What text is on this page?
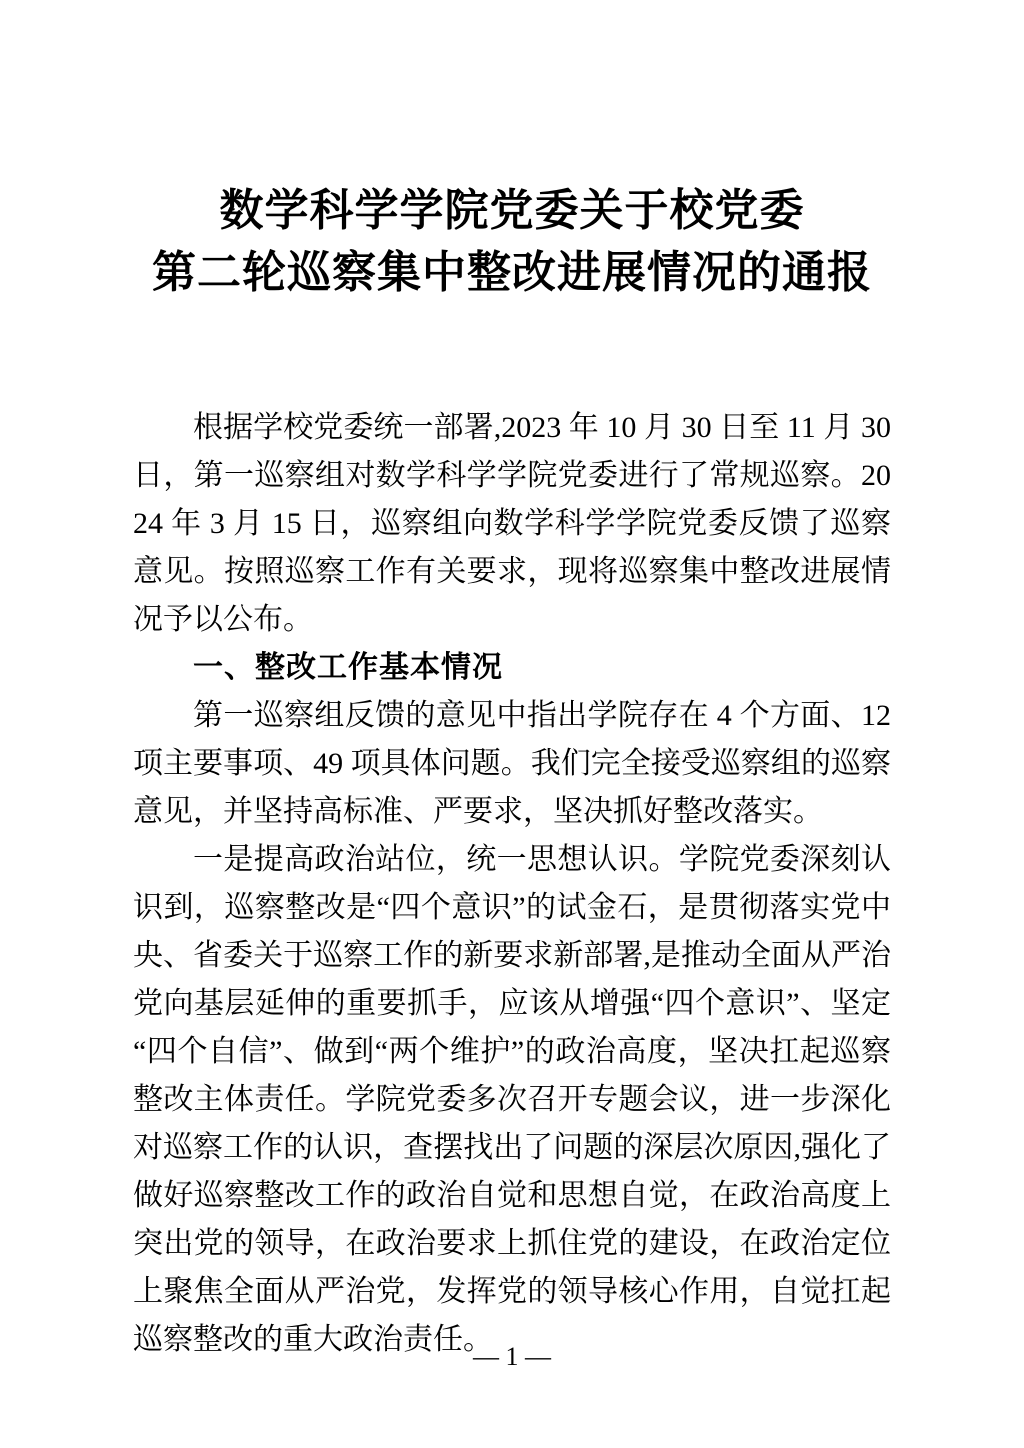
数学科学学院党委关于校党委
第二轮巡察集中整改进展情况的通报

根据学校党委统一部署,2023 年 10 月 30 日至 11 月 30 日，第一巡察组对数学科学学院党委进行了常规巡察。2024 年 3 月 15 日，巡察组向数学科学学院党委反馈了巡察意见。按照巡察工作有关要求，现将巡察集中整改进展情况予以公布。

一、整改工作基本情况

第一巡察组反馈的意见中指出学院存在 4 个方面、12 项主要事项、49 项具体问题。我们完全接受巡察组的巡察意见，并坚持高标准、严要求，坚决抓好整改落实。

一是提高政治站位，统一思想认识。学院党委深刻认识到，巡察整改是“四个意识”的试金石，是贯彻落实党中央、省委关于巡察工作的新要求新部署,是推动全面从严治党向基层延伸的重要抓手，应该从增强“四个意识”、坚定“四个自信”、做到“两个维护”的政治高度，坚决扛起巡察整改主体责任。学院党委多次召开专题会议，进一步深化对巡察工作的认识，查摆找出了问题的深层次原因,强化了做好巡察整改工作的政治自觉和思想自觉，在政治高度上突出党的领导，在政治要求上抓住党的建设，在政治定位上聚焦全面从严治党，发挥党的领导核心作用，自觉扛起巡察整改的重大政治责任。

— 1 —
